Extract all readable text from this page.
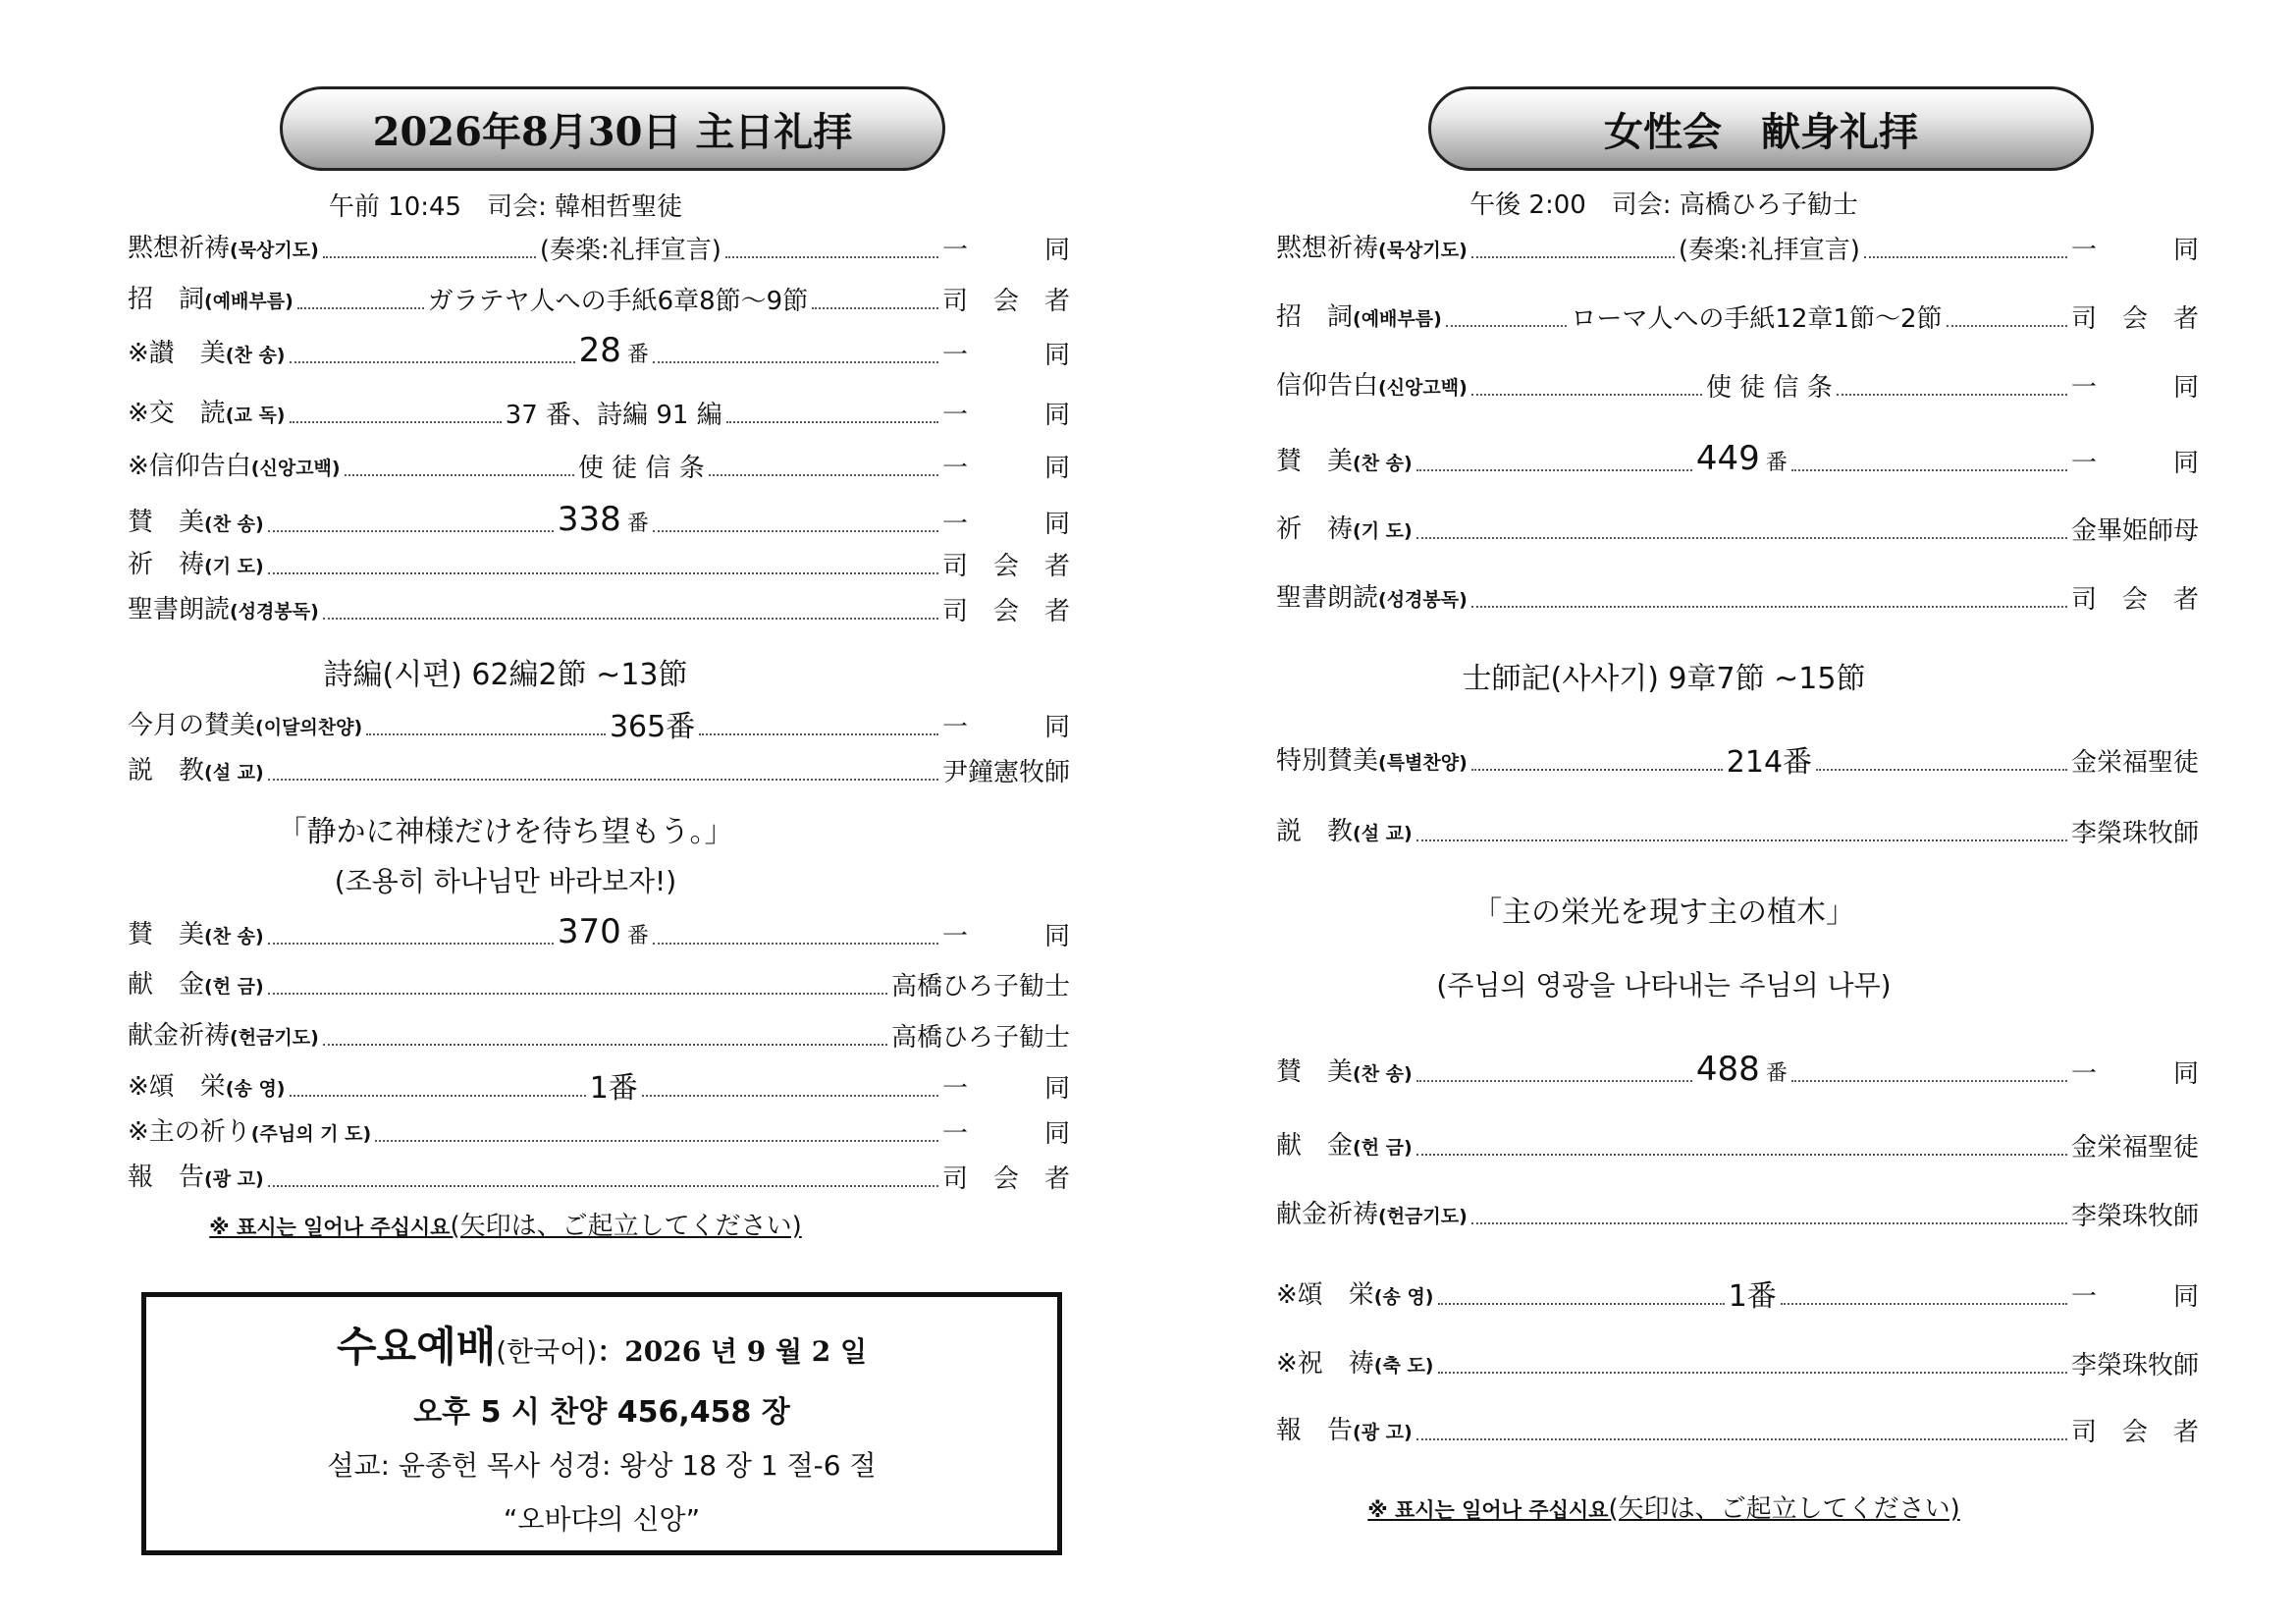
2026年8月30日 主日礼拝
午前 10:45　司会: 韓相哲聖徒
黙想祈祷(묵상기도)	(奏楽:礼拝宣言)	一　同
招　詞(예배부름)	ガラテヤ人への手紙6章8節～9節	司 会 者
※讃　美(찬 송)	28 番	一　同
※交　読(교 독)	37 番、詩編 91 編	一　同
※信仰告白(신앙고백)	使 徒 信 条	一　同
賛　美(찬 송)	338 番	一　同
祈　祷(기 도)	司 会 者
聖書朗読(성경봉독)	司 会 者
詩編(시편) 62編2節 ~13節
今月の賛美(이달의찬양)	365番	一　同
説　教(설 교)	尹鐘憲牧師
「静かに神様だけを待ち望もう。」
(조용히 하나님만 바라보자!)
賛　美(찬 송)	370 番	一　同
献　金(헌 금)	高橋ひろ子勧士
献金祈祷(헌금기도)	高橋ひろ子勧士
※頌　栄(송 영)	1番	一　同
※主の祈り(주님의 기 도)	一　同
報　告(광 고)	司 会 者
※ 표시는 일어나 주십시요(矢印は、ご起立してください)
수요예배(한국어)：2026 년 9 월 2 일
오후 5 시 찬양 456,458 장
설교: 윤종헌 목사 성경: 왕상 18 장 1 절-6 절
“오바댜의 신앙”
女性会　献身礼拝
午後 2:00　司会: 高橋ひろ子勧士
黙想祈祷(묵상기도)	(奏楽:礼拝宣言)	一　同
招　詞(예배부름)	ローマ人への手紙12章1節～2節	司 会 者
信仰告白(신앙고백)	使 徒 信 条	一　同
賛　美(찬 송)	449 番	一　同
祈　祷(기 도)	金畢姫師母
聖書朗読(성경봉독)	司 会 者
士師記(사사기) 9章7節 ~15節
特別賛美(특별찬양)	214番	金栄福聖徒
説　教(설 교)	李榮珠牧師
「主の栄光を現す主の植木」
(주님의 영광을 나타내는 주님의 나무)
賛　美(찬 송)	488 番	一　同
献　金(헌 금)	金栄福聖徒
献金祈祷(헌금기도)	李榮珠牧師
※頌　栄(송 영)	1番	一　同
※祝　祷(축 도)	李榮珠牧師
報　告(광 고)	司 会 者
※ 표시는 일어나 주십시요(矢印は、ご起立してください)
